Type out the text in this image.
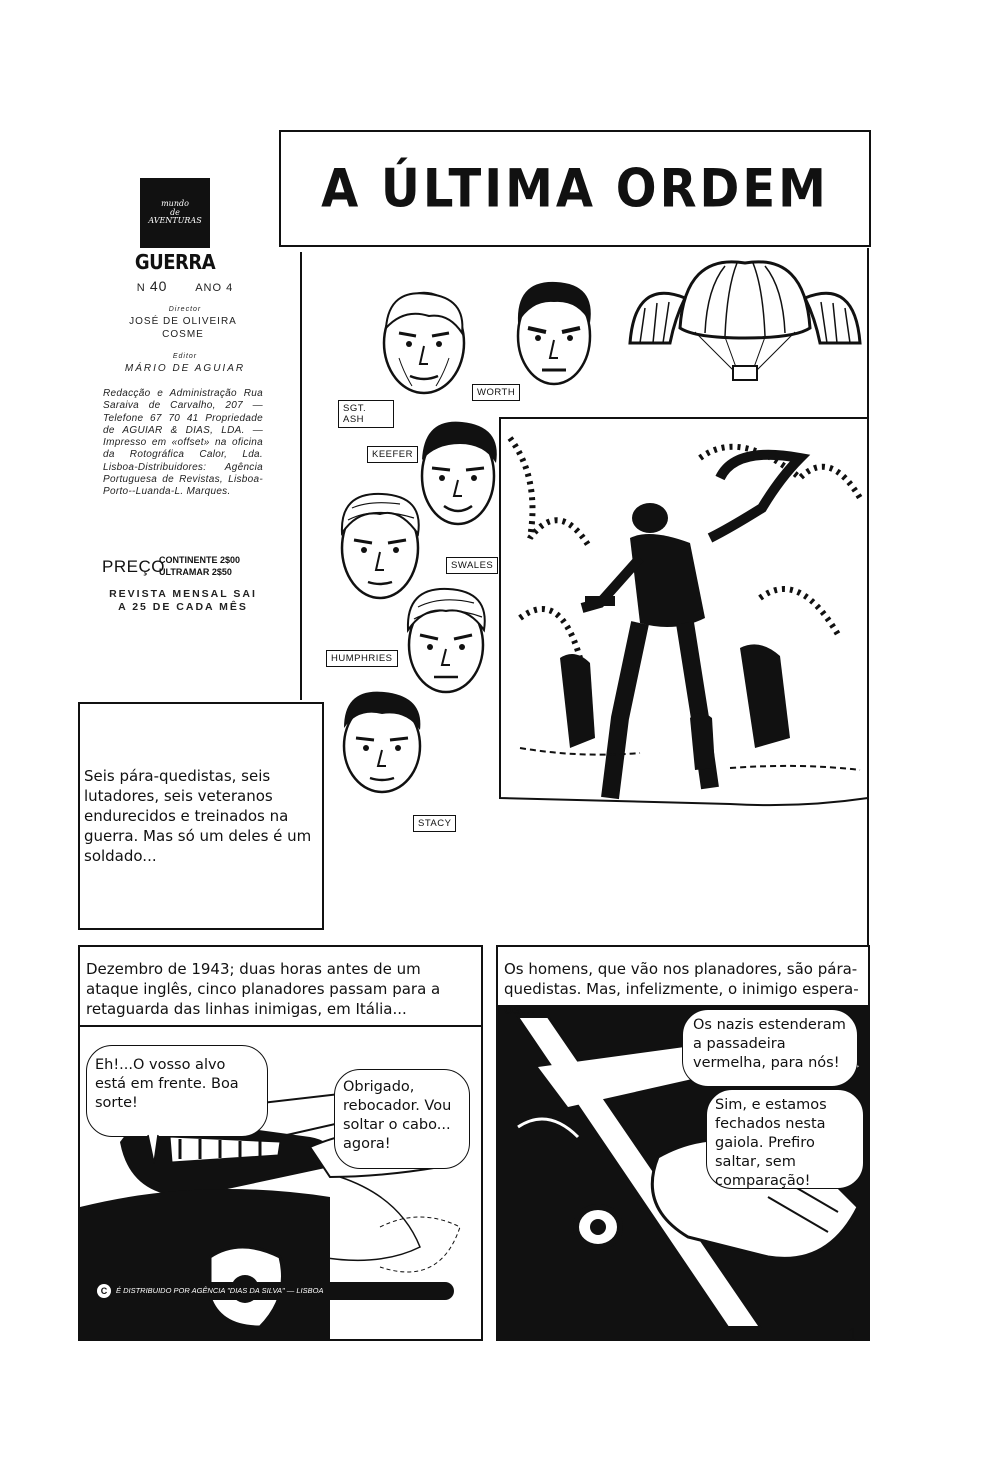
mundo
de
AVENTURAS
GUERRA
N 40	ANO 4
Director
JOSÉ DE OLIVEIRA COSME
Editor
MÁRIO DE AGUIAR
Redacção e Administração Rua Saraiva de Carvalho, 207 — Telefone 67 70 41 Propriedade de AGUIAR & DIAS, LDA. — Impresso em «offset» na oficina da Rotográfica Calor, Lda. Lisboa-Distribuidores: Agência Portuguesa de Revistas, Lisboa-Porto--Luanda-L. Marques.
PREÇO
CONTINENTE 2$00
ULTRAMAR 2$50
REVISTA MENSAL SAI A 25 DE CADA MÊS
A ÚLTIMA ORDEM
SGT. ASH
WORTH
KEEFER
SWALES
HUMPHRIES
STACY
Seis pára-quedistas, seis lutadores, seis veteranos endurecidos e treinados na guerra. Mas só um deles é um soldado...
Dezembro de 1943; duas horas antes de um ataque inglês, cinco planadores passam para a retaguarda das linhas inimigas, em Itália...
Eh!...O vosso alvo está em frente. Boa sorte!
Obrigado, rebocador. Vou soltar o cabo... agora!
C	É DISTRIBUIDO POR AGÊNCIA "DIAS DA SILVA" — LISBOA
Os homens, que vão nos planadores, são pára-quedistas. Mas, infelizmente, o inimigo espera-os...
Os nazis estenderam a passadeira vermelha, para nós!
Sim, e estamos fechados nesta gaiola. Prefiro saltar, sem comparação!
1
